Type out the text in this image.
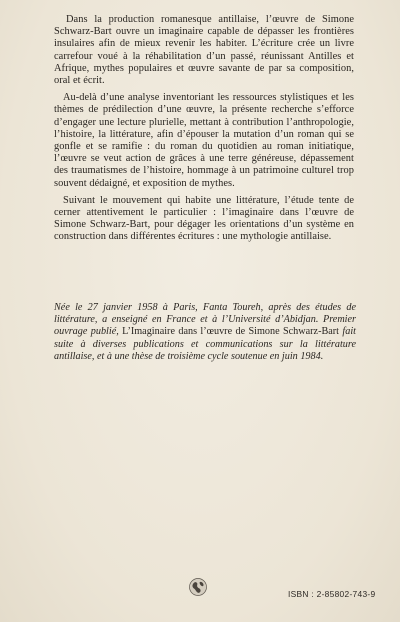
Dans la production romanesque antillaise, l’œuvre de Simone Schwarz-Bart ouvre un imaginaire capable de dépasser les frontières insulaires afin de mieux revenir les habiter. L’écriture crée un livre carrefour voué à la réhabilitation d’un passé, réunissant Antilles et Afrique, mythes populaires et œuvre savante de par sa composition, oral et écrit.

Au-delà d’une analyse inventoriant les ressources stylistiques et les thèmes de prédilection d’une œuvre, la présente recherche s’efforce d’engager une lecture plurielle, mettant à contribution l’anthropologie, l’histoire, la littérature, afin d’épouser la mutation d’un roman qui se gonfle et se ramifie : du roman du quotidien au roman initiatique, l’œuvre se veut action de grâces à une terre généreuse, dépassement des traumatismes de l’histoire, hommage à un patrimoine culturel trop souvent dédaigné, et exposition de mythes.

Suivant le mouvement qui habite une littérature, l’étude tente de cerner attentivement le particulier : l’imaginaire dans l’œuvre de Simone Schwarz-Bart, pour dégager les orientations d’un système en construction dans différentes écritures : une mythologie antillaise.

Née le 27 janvier 1958 à Paris, Fanta Toureh, après des études de littérature, a enseigné en France et à l’Université d’Abidjan. Premier ouvrage publié, L’Imaginaire dans l’œuvre de Simone Schwarz-Bart fait suite à diverses publications et communications sur la littérature antillaise, et à une thèse de troisième cycle soutenue en juin 1984.
ISBN : 2-85802-743-9
